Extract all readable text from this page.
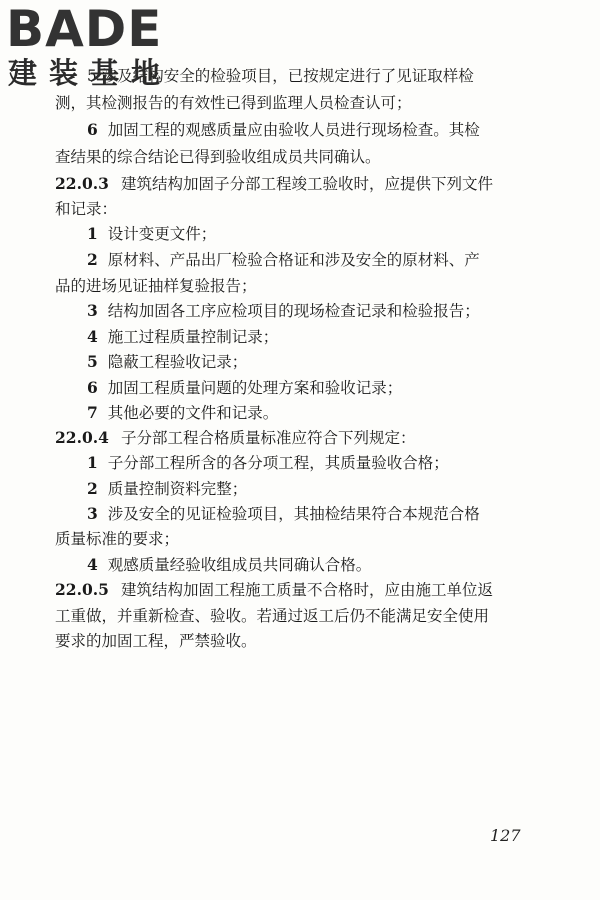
BADE
建装基地
5 涉及结构安全的检验项目，已按规定进行了见证取样检
测，其检测报告的有效性已得到监理人员检查认可；
6 加固工程的观感质量应由验收人员进行现场检查。其检
查结果的综合结论已得到验收组成员共同确认。
22.0.3 建筑结构加固子分部工程竣工验收时，应提供下列文件
和记录：
1 设计变更文件；
2 原材料、产品出厂检验合格证和涉及安全的原材料、产
品的进场见证抽样复验报告；
3 结构加固各工序应检项目的现场检查记录和检验报告；
4 施工过程质量控制记录；
5 隐蔽工程验收记录；
6 加固工程质量问题的处理方案和验收记录；
7 其他必要的文件和记录。
22.0.4 子分部工程合格质量标准应符合下列规定：
1 子分部工程所含的各分项工程，其质量验收合格；
2 质量控制资料完整；
3 涉及安全的见证检验项目，其抽检结果符合本规范合格
质量标准的要求；
4 观感质量经验收组成员共同确认合格。
22.0.5 建筑结构加固工程施工质量不合格时，应由施工单位返
工重做，并重新检查、验收。若通过返工后仍不能满足安全使用
要求的加固工程，严禁验收。
127
